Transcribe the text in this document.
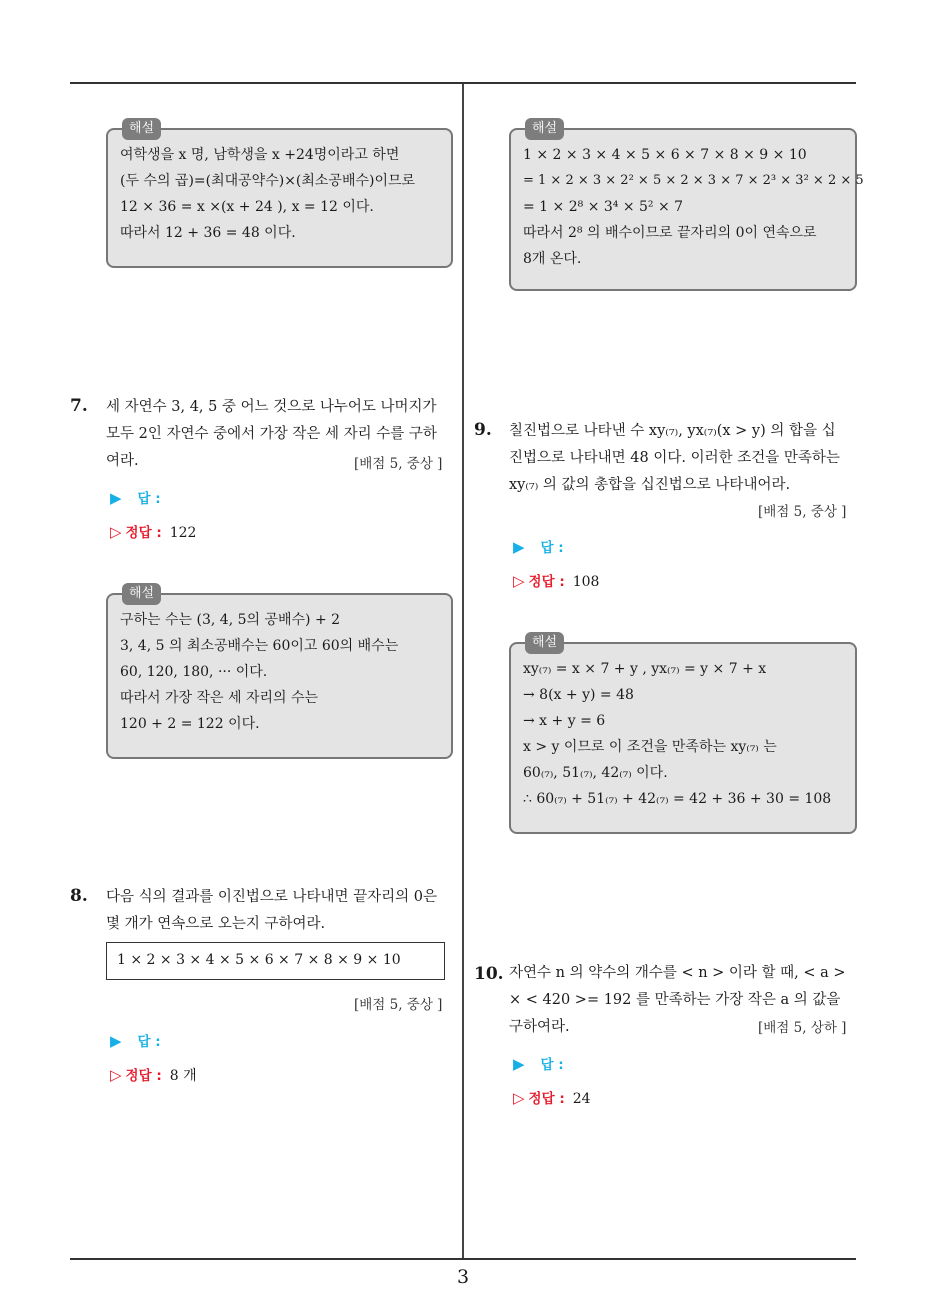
3
해설
여학생을 x 명, 남학생을 x +24명이라고 하면
(두 수의 곱)=(최대공약수)×(최소공배수)이므로
12 × 36 = x ×(x + 24 ), x = 12 이다.
따라서 12 + 36 = 48 이다.
7. 세 자연수 3, 4, 5 중 어느 것으로 나누어도 나머지가
모두 2인 자연수 중에서 가장 작은 세 자리 수를 구하
여라.	[배점 5, 중상 ]
▶ 답 :
▷ 정답 : 122
해설
구하는 수는 (3, 4, 5의 공배수) + 2
3, 4, 5 의 최소공배수는 60이고 60의 배수는
60, 120, 180, ··· 이다.
따라서 가장 작은 세 자리의 수는
120 + 2 = 122 이다.
8. 다음 식의 결과를 이진법으로 나타내면 끝자리의 0은
몇 개가 연속으로 오는지 구하여라.
1 × 2 × 3 × 4 × 5 × 6 × 7 × 8 × 9 × 10
[배점 5, 중상 ]
▶ 답 :
▷ 정답 : 8 개
해설
1 × 2 × 3 × 4 × 5 × 6 × 7 × 8 × 9 × 10
= 1 × 2 × 3 × 2² × 5 × 2 × 3 × 7 × 2³ × 3² × 2 × 5
= 1 × 2⁸ × 3⁴ × 5² × 7
따라서 2⁸ 의 배수이므로 끝자리의 0이 연속으로
8개 온다.
9. 칠진법으로 나타낸 수 xy₍₇₎, yx₍₇₎(x > y) 의 합을 십
진법으로 나타내면 48 이다. 이러한 조건을 만족하는
xy₍₇₎ 의 값의 총합을 십진법으로 나타내어라.
[배점 5, 중상 ]
▶ 답 :
▷ 정답 : 108
해설
xy₍₇₎ = x × 7 + y , yx₍₇₎ = y × 7 + x
→ 8(x + y) = 48
→ x + y = 6
x > y 이므로 이 조건을 만족하는 xy₍₇₎ 는
60₍₇₎, 51₍₇₎, 42₍₇₎ 이다.
∴ 60₍₇₎ + 51₍₇₎ + 42₍₇₎ = 42 + 36 + 30 = 108
10. 자연수 n 의 약수의 개수를 < n > 이라 할 때, < a >
× < 420 >= 192 를 만족하는 가장 작은 a 의 값을
구하여라.	[배점 5, 상하 ]
▶ 답 :
▷ 정답 : 24
